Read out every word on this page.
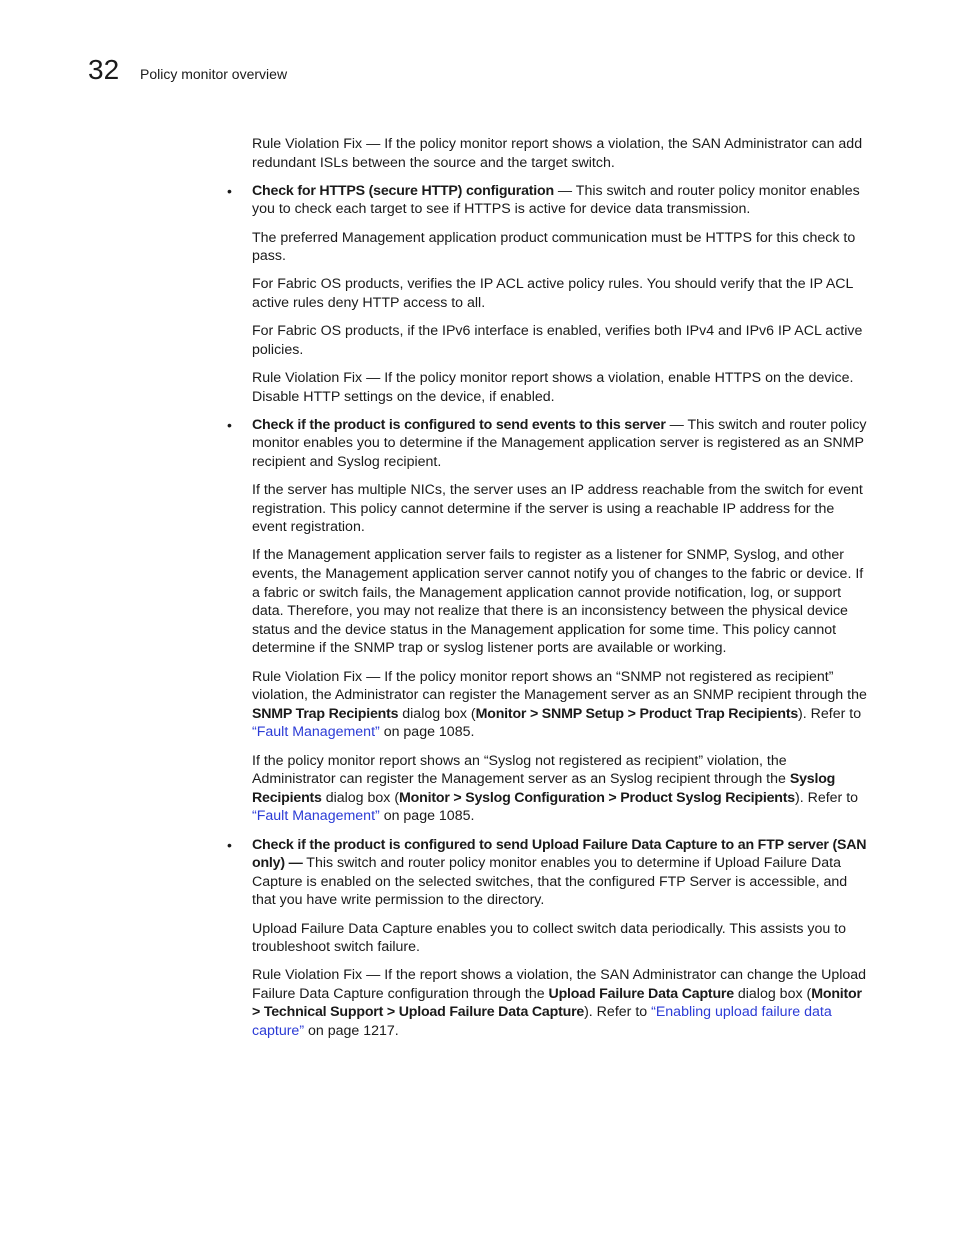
32 Policy monitor overview

Rule Violation Fix — If the policy monitor report shows a violation, the SAN Administrator can add redundant ISLs between the source and the target switch.

• Check for HTTPS (secure HTTP) configuration — This switch and router policy monitor enables you to check each target to see if HTTPS is active for device data transmission.

The preferred Management application product communication must be HTTPS for this check to pass.

For Fabric OS products, verifies the IP ACL active policy rules. You should verify that the IP ACL active rules deny HTTP access to all.

For Fabric OS products, if the IPv6 interface is enabled, verifies both IPv4 and IPv6 IP ACL active policies.

Rule Violation Fix — If the policy monitor report shows a violation, enable HTTPS on the device. Disable HTTP settings on the device, if enabled.

• Check if the product is configured to send events to this server — This switch and router policy monitor enables you to determine if the Management application server is registered as an SNMP recipient and Syslog recipient.

If the server has multiple NICs, the server uses an IP address reachable from the switch for event registration. This policy cannot determine if the server is using a reachable IP address for the event registration.

If the Management application server fails to register as a listener for SNMP, Syslog, and other events, the Management application server cannot notify you of changes to the fabric or device. If a fabric or switch fails, the Management application cannot provide notification, log, or support data. Therefore, you may not realize that there is an inconsistency between the physical device status and the device status in the Management application for some time. This policy cannot determine if the SNMP trap or syslog listener ports are available or working.

Rule Violation Fix — If the policy monitor report shows an “SNMP not registered as recipient” violation, the Administrator can register the Management server as an SNMP recipient through the SNMP Trap Recipients dialog box (Monitor > SNMP Setup > Product Trap Recipients). Refer to “Fault Management” on page 1085.

If the policy monitor report shows an “Syslog not registered as recipient” violation, the Administrator can register the Management server as an Syslog recipient through the Syslog Recipients dialog box (Monitor > Syslog Configuration > Product Syslog Recipients). Refer to “Fault Management” on page 1085.

• Check if the product is configured to send Upload Failure Data Capture to an FTP server (SAN only) — This switch and router policy monitor enables you to determine if Upload Failure Data Capture is enabled on the selected switches, that the configured FTP Server is accessible, and that you have write permission to the directory.

Upload Failure Data Capture enables you to collect switch data periodically. This assists you to troubleshoot switch failure.

Rule Violation Fix — If the report shows a violation, the SAN Administrator can change the Upload Failure Data Capture configuration through the Upload Failure Data Capture dialog box (Monitor > Technical Support > Upload Failure Data Capture). Refer to “Enabling upload failure data capture” on page 1217.
